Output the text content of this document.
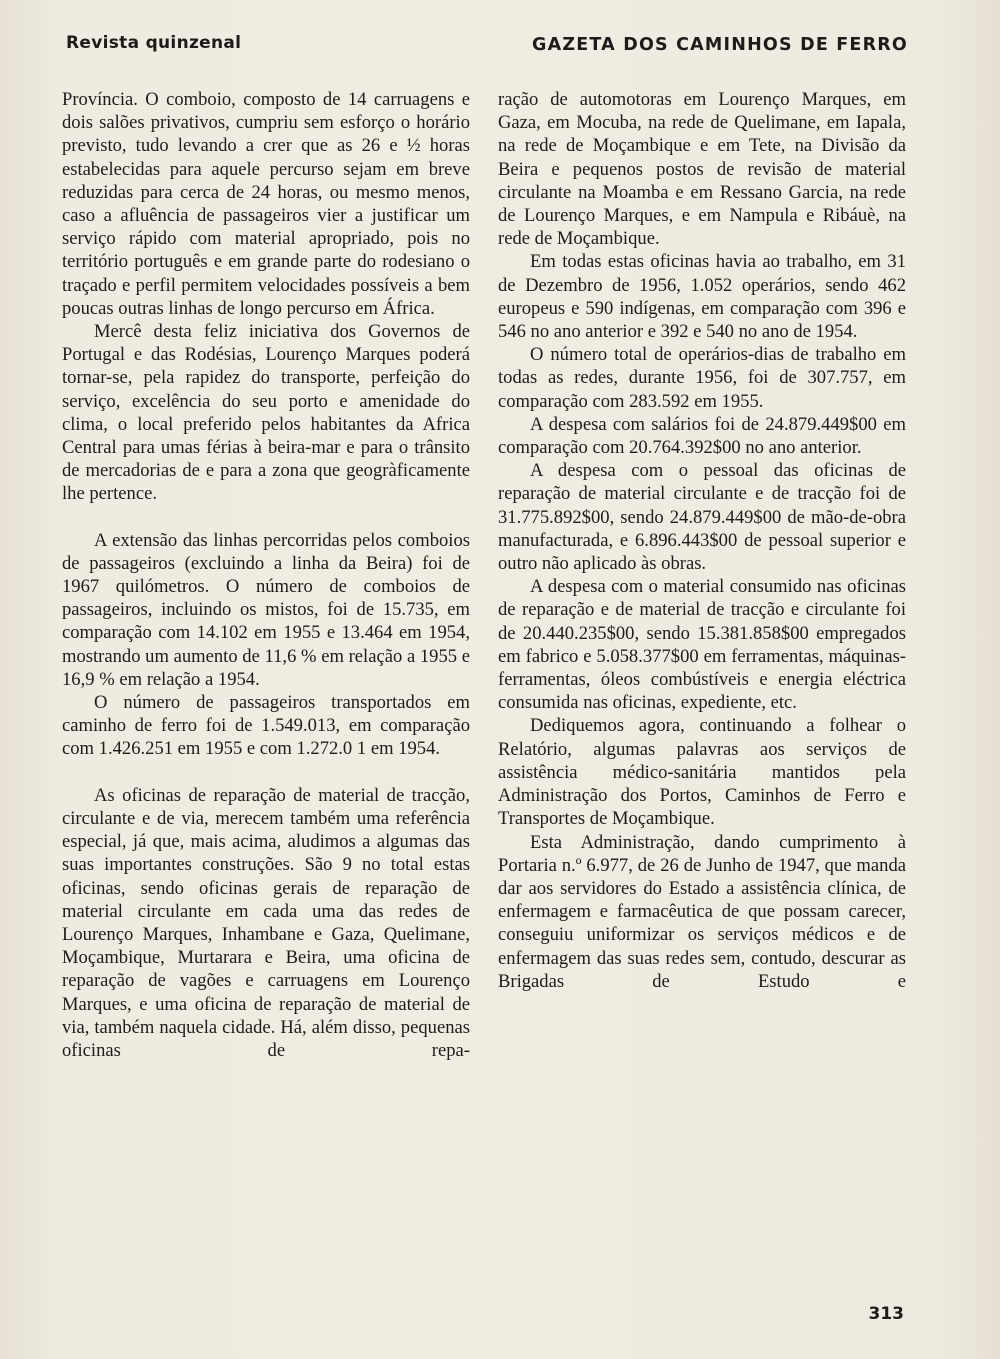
Revista quinzenal	GAZETA DOS CAMINHOS DE FERRO

Província. O comboio, composto de 14 carruagens e dois salões privativos, cumpriu sem esforço o horário previsto, tudo levando a crer que as 26 e ½ horas estabelecidas para aquele percurso sejam em breve reduzidas para cerca de 24 horas, ou mesmo menos, caso a afluência de passageiros vier a justificar um serviço rápido com material apropriado, pois no território português e em grande parte do rodesiano o traçado e perfil permitem velocidades possíveis a bem poucas outras linhas de longo percurso em África.

Mercê desta feliz iniciativa dos Governos de Portugal e das Rodésias, Lourenço Marques poderá tornar-se, pela rapidez do transporte, perfeição do serviço, excelência do seu porto e amenidade do clima, o local preferido pelos habitantes da Africa Central para umas férias à beira-mar e para o trânsito de mercadorias de e para a zona que geogràficamente lhe pertence.

A extensão das linhas percorridas pelos comboios de passageiros (excluindo a linha da Beira) foi de 1967 quilómetros. O número de comboios de passageiros, incluindo os mistos, foi de 15.735, em comparação com 14.102 em 1955 e 13.464 em 1954, mostrando um aumento de 11,6 % em relação a 1955 e 16,9 % em relação a 1954.

O número de passageiros transportados em caminho de ferro foi de 1.549.013, em comparação com 1.426.251 em 1955 e com 1.272.0 1 em 1954.

As oficinas de reparação de material de tracção, circulante e de via, merecem também uma referência especial, já que, mais acima, aludimos a algumas das suas importantes construções. São 9 no total estas oficinas, sendo oficinas gerais de reparação de material circulante em cada uma das redes de Lourenço Marques, Inhambane e Gaza, Quelimane, Moçambique, Murtarara e Beira, uma oficina de reparação de vagões e carruagens em Lourenço Marques, e uma oficina de reparação de material de via, também naquela cidade. Há, além disso, pequenas oficinas de repa-

ração de automotoras em Lourenço Marques, em Gaza, em Mocuba, na rede de Quelimane, em Iapala, na rede de Moçambique e em Tete, na Divisão da Beira e pequenos postos de revisão de material circulante na Moamba e em Ressano Garcia, na rede de Lourenço Marques, e em Nampula e Ribáuè, na rede de Moçambique.

Em todas estas oficinas havia ao trabalho, em 31 de Dezembro de 1956, 1.052 operários, sendo 462 europeus e 590 indígenas, em comparação com 396 e 546 no ano anterior e 392 e 540 no ano de 1954.

O número total de operários-dias de trabalho em todas as redes, durante 1956, foi de 307.757, em comparação com 283.592 em 1955.

A despesa com salários foi de 24.879.449$00 em comparação com 20.764.392$00 no ano anterior.

A despesa com o pessoal das oficinas de reparação de material circulante e de tracção foi de 31.775.892$00, sendo 24.879.449$00 de mão-de-obra manufacturada, e 6.896.443$00 de pessoal superior e outro não aplicado às obras.

A despesa com o material consumido nas oficinas de reparação e de material de tracção e circulante foi de 20.440.235$00, sendo 15.381.858$00 empregados em fabrico e 5.058.377$00 em ferramentas, máquinas-ferramentas, óleos combústíveis e energia eléctrica consumida nas oficinas, expediente, etc.

Dediquemos agora, continuando a folhear o Relatório, algumas palavras aos serviços de assistência médico-sanitária mantidos pela Administração dos Portos, Caminhos de Ferro e Transportes de Moçambique.

Esta Administração, dando cumprimento à Portaria n.º 6.977, de 26 de Junho de 1947, que manda dar aos servidores do Estado a assistência clínica, de enfermagem e farmacêutica de que possam carecer, conseguiu uniformizar os serviços médicos e de enfermagem das suas redes sem, contudo, descurar as Brigadas de Estudo e

313
